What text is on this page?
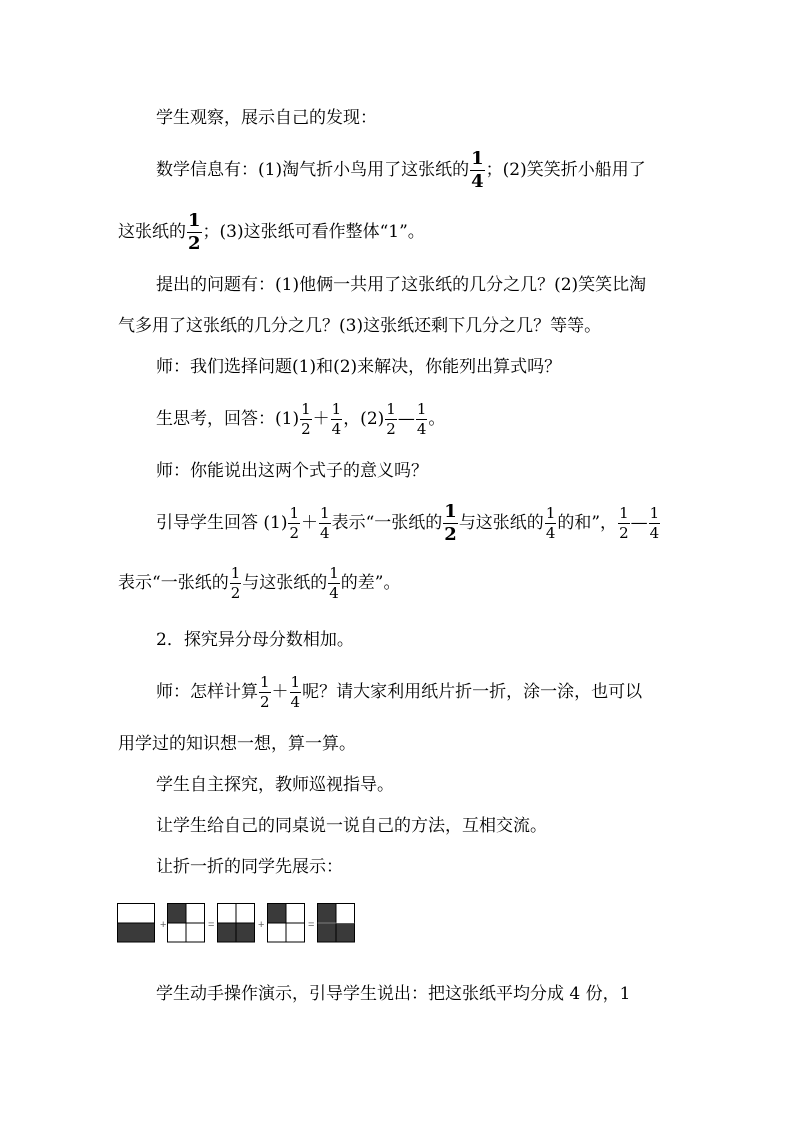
学生观察，展示自己的发现：
数学信息有：(1)淘气折小鸟用了这张纸的 $\frac{1}{4}$ ；(2)笑笑折小船用了
这张纸的 $\frac{1}{2}$ ；(3)这张纸可看作整体“1”。
提出的问题有：(1)他俩一共用了这张纸的几分之几？(2)笑笑比淘
气多用了这张纸的几分之几？(3)这张纸还剩下几分之几？等等。
师：我们选择问题(1)和(2)来解决，你能列出算式吗？
生思考，回答：$(1) \frac{1}{2} + \frac{1}{4}$ ，$(2) \frac{1}{2}$ — $\frac{1}{4}$ 。
师：你能说出这两个式子的意义吗？
引导学生回答 $(1) \frac{1}{2} + \frac{1}{4}$ 表示“一张纸的 $\frac{1}{2}$ 与这张纸的 $\frac{1}{4}$ 的和”， $\frac{1}{2}$ — $\frac{1}{4}$
表示“一张纸的 $\frac{1}{2}$ 与这张纸的 $\frac{1}{4}$ 的差”。
2．探究异分母分数相加。
师：怎样计算 $\frac{1}{2} + \frac{1}{4}$ 呢？请大家利用纸片折一折，涂一涂，也可以
用学过的知识想一想，算一算。
学生自主探究，教师巡视指导。
让学生给自己的同桌说一说自己的方法，互相交流。
让折一折的同学先展示：
+	=	+	=
学生动手操作演示，引导学生说出：把这张纸平均分成 4 份，1
